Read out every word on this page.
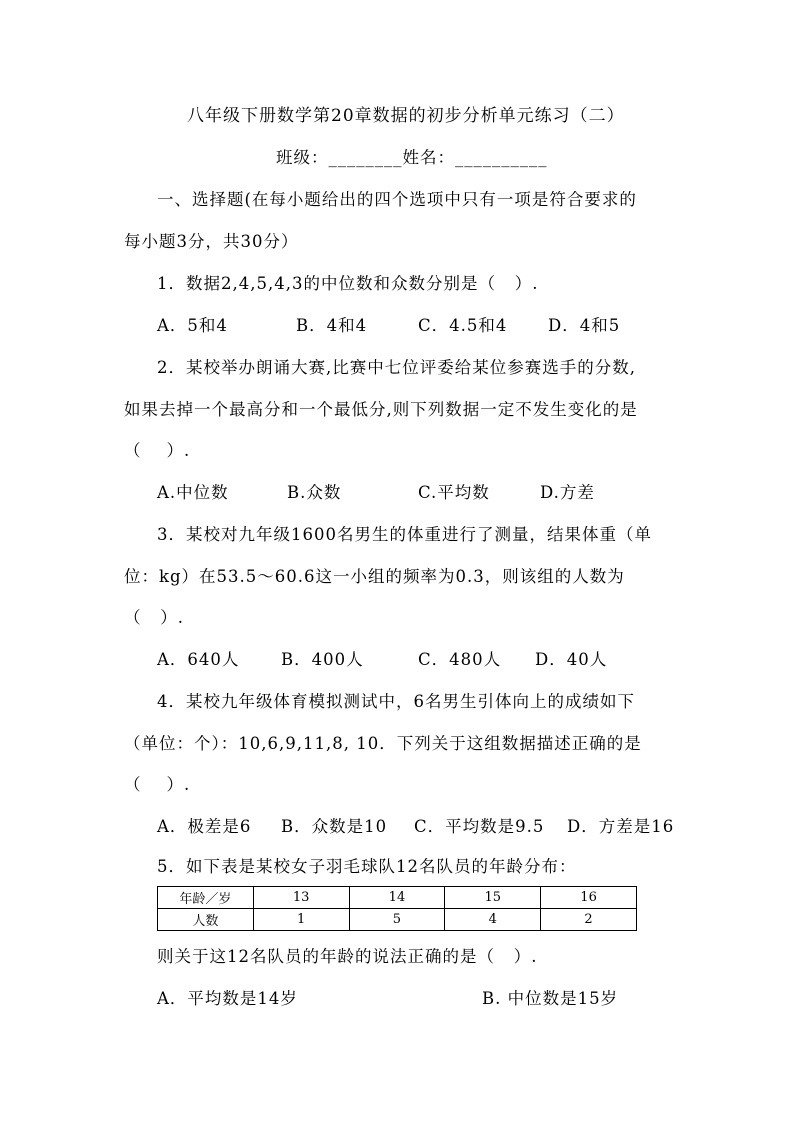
八年级下册数学第20章数据的初步分析单元练习（二）
班级：________姓名：__________
一、选择题(在每小题给出的四个选项中只有一项是符合要求的
每小题3分，共30分）
1．数据2,4,5,4,3的中位数和众数分别是（   ）.
A．5和4	B．4和4	C．4.5和4 D．4和5
2．某校举办朗诵大赛,比赛中七位评委给某位参赛选手的分数,
如果去掉一个最高分和一个最低分,则下列数据一定不发生变化的是
（    ）.
A.中位数	B.众数	C.平均数	D.方差
3．某校对九年级1600名男生的体重进行了测量，结果体重（单
位：kg）在53.5～60.6这一小组的频率为0.3，则该组的人数为
（   ）.
A．640人	B．400人	C．480人 D．40人
4．某校九年级体育模拟测试中，6名男生引体向上的成绩如下
（单位：个）：10,6,9,11,8, 10．下列关于这组数据描述正确的是
（    ）.
A．极差是6 B．众数是10 C．平均数是9.5 D．方差是16
5．如下表是某校女子羽毛球队12名队员的年龄分布：
年龄／岁	13	14	15	16
人数	1	5	4	2
则关于这12名队员的年龄的说法正确的是（   ）.
A．平均数是14岁	B. 中位数是15岁
